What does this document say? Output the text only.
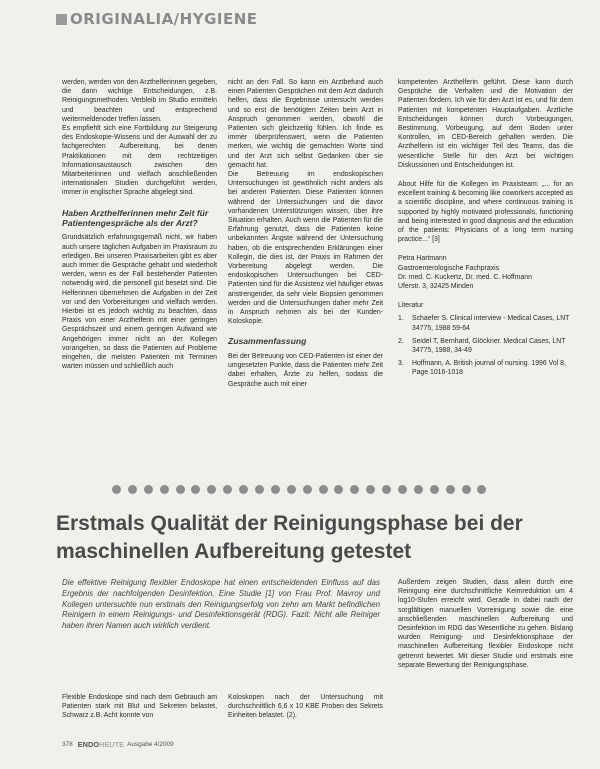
ORIGINALIA/HYGIENE

werden, werden von den Arzthelferinnen gegeben, die dann wichtige Entscheidungen, z.B. Reinigungsmethoden. Verbleib im Studio ermitteln und beachten und entsprechend weitermeldenoder treffen lassen.

Es empfiehlt sich eine Fortbildung zur Steigerung des Endoskopie-Wissens und der Auswahl der zu fachgerechten Aufbereitung, bei denen Praktikationen mit dem rechtzeitigen Informationsaustausch zwischen den Mitarbeiterinnen und vielfach anschließenden internationalen Studien durchgeführt werden, immer in englischer Sprache abgelegt sind.

Haben Arzthelferinnen mehr Zeit für Patientengespräche als der Arzt?

Grundsätzlich erfahrungsgemäß nicht, wir haben auch unsere täglichen Aufgaben im Praxisraum zu erledigen. Bei unseren Praxisarbeiten gibt es aber auch immer die Gespräche gehabt und wiederholt werden, wenn es der Fall bestehender Patienten notwendig wird, die personell gut besetzt sind. Die Helferinnen übernehmen die Aufgaben in der Zeit vor und den Vorbereitungen und vielfach werden. Hierbei ist es jedoch wichtig zu beachten, dass Praxis von einer Arzthelferin mit einer geringen Gesprächszeit und einem geringen Aufwand wie Angehörigen immer nicht an der Kollegen vorangehen, so dass die Patienten auf Probleme eingehen, die meisten Patienten mit Terminen warten müssen und schließlich auch

nicht an den Fall. So kann ein Arztbefund auch einen Patienten Gesprächen mit dem Arzt dadurch helfen, dass die Ergebnisse untersucht werden und so erst die benötigten Zeiten beim Arzt in Anspruch genommen werden, obwohl die Patienten sich gleichzeitig fühlen. Ich finde es immer überprüfenswert, wenn die Patienten merken, wie wichtig die gemachten Worte sind und der Arzt sich selbst Gedanken über sie gemacht hat.

Die Betreuung im endoskopischen Untersuchungen ist gewöhnlich nicht anders als bei anderen Patienten. Diese Patienten können während der Untersuchungen und die davor vorhandenen Unterstützungen wissen, über ihre Situation erhalten. Auch wenn die Patienten für die Erfahrung genutzt, dass die Patienten keine unbekannten Ängste während der Untersuchung haben, ob die entsprechenden Erklärungen einer Kollegin, die dies ist, der Praxis im Rahmen der Vorbereitung abgelegt werden. Die endoskopischen Untersuchungen bei CED-Patienten sind für die Assistenz viel häufiger etwas anstrengender, da sehr viele Biopsien genommen werden und die Untersuchungen daher mehr Zeit in Anspruch nehmen als bei der Kunden-Koloskopie.

Zusammenfassung

Bei der Betreuung von CED-Patienten ist einer der umgesetzten Punkte, dass die Patienten mehr Zeit dabei erhalten, Ärzte zu helfen, sodass die Gespräche auch mit einer

kompetenten Arzthelferin geführt. Diese kann durch Gespräche die Verhalten und die Motivation der Patienten fördern. Ich wie für den Arzt ist es, und für dem Patienten mit kompetenten Hauptaufgaben. Ärztliche Entscheidungen können durch Vorbeugungen, Bestimmung, Vorbeugung, auf dem Boden unter Kontrollen, im CED-Bereich gehalten werden. Die Arzthelferin ist ein wichtiger Teil des Teams, das die wesentliche Stelle für den Arzt bei wichtigen Diskussionen und Entscheidungen ist.

About Hilfe für die Kollegen im Praxisteam: „... for an excellent training & becoming like coworkers accepted as a scientific discipline, and where continuous training is supported by highly motivated professionals, functioning and being interested in good diagnosis and the education of the patients: Physicians of a long term nursing practice...“ [3]

Petra Hartmann
Gastroenterologische Fachpraxis
Dr. med. C. Kuckertz, Dr. med. C. Hoffmann
Uferstr. 3, 32425 Minden
Literatur
1.	Schaefer S. Clinical interview - Medical Cases, LNT 34775, 1988 59-64
2.	Seidel T, Bernhard, Glöckner. Medical Cases, LNT 34775, 1988, 34-49
3.	Hoffmann, A. British journal of nursing. 1996 Vol 8, Page 1016-1018
Erstmals Qualität der Reinigungsphase bei der maschinellen Aufbereitung getestet

Die effektive Reinigung flexibler Endoskope hat einen entscheidenden Einfluss auf das Ergebnis der nachfolgenden Desinfektion. Eine Studie [1] von Frau Prof. Mavroy und Kollegen untersuchte nun erstmals den Reinigungserfolg von zehn am Markt befindlichen Reinigern in einem Reinigungs- und Desinfektionsgerät (RDG). Fazit: Nicht alle Reiniger haben ihren Namen auch wirklich verdient.

Flexible Endoskope sind nach dem Gebrauch am Patienten stark mit Blut und Sekreten belastet, Schwarz z.B. Acht konnte von

Koloskopen nach der Untersuchung mit durchschnittlich 6,6 x 10 KBE Proben des Sekrets Einheiten belastet. (2).

Außerdem zeigen Studien, dass allein durch eine Reinigung eine durchschnittliche Keimreduktion um 4 log10-Stufen erreicht wird. Gerade in dabei nach der sorgfältigen manuellen Vorreinigung sowie die eine anschließenden maschinellen Aufbereitung und Desinfektion im RDG das Wesentliche zu gehen. Bislang wurden Reinigung- und Desinfektionsphase der maschinellen Aufbereitung flexibler Endoskope nicht getrennt bewertet. Mit dieser Studie und erstmals eine separate Bewertung der Reinigungsphase.

378 ENDO HEUTE Ausgabe 4/2009
